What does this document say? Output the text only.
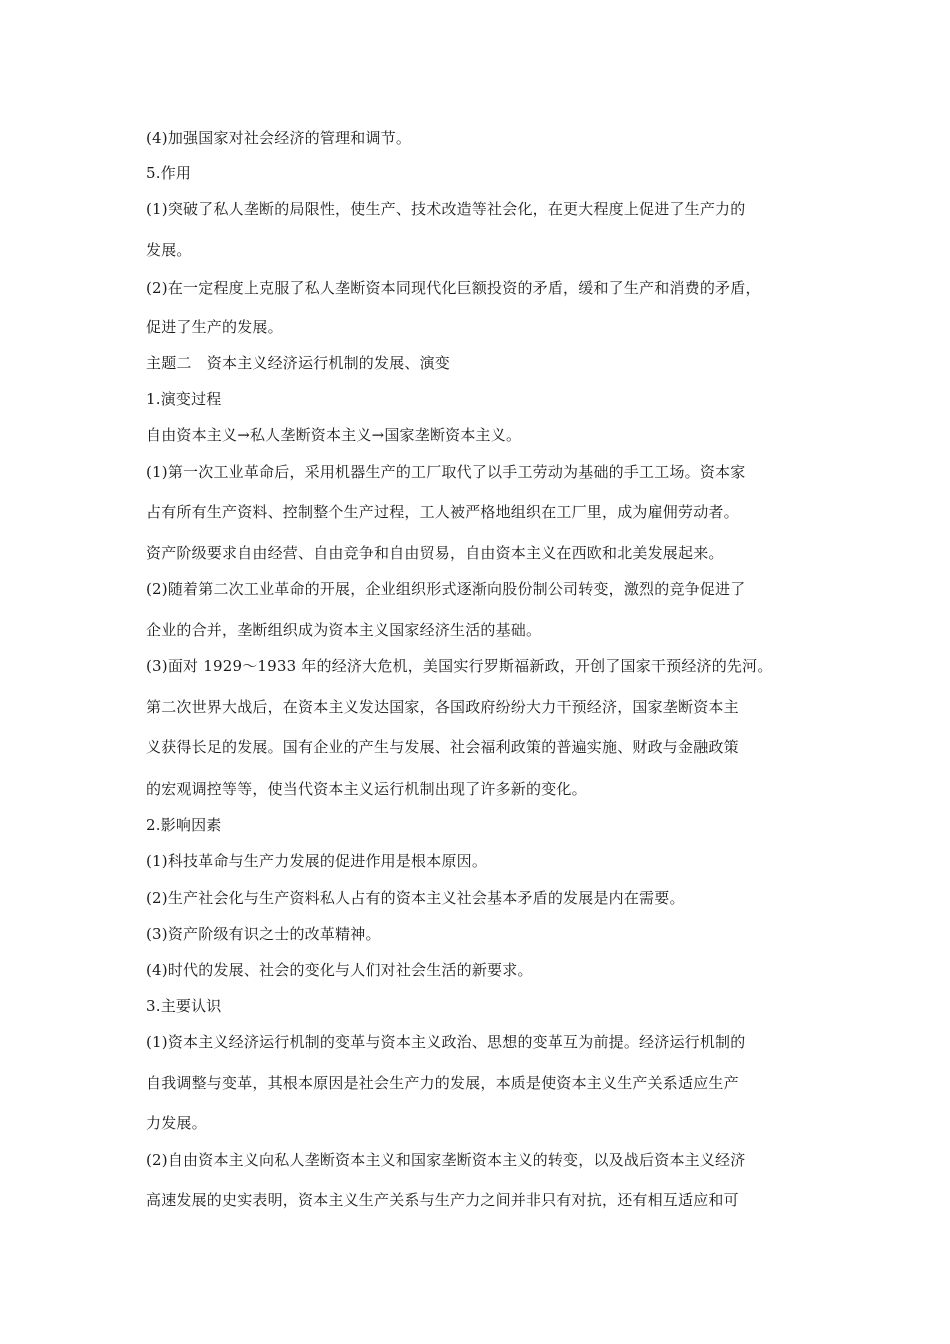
(4)加强国家对社会经济的管理和调节。
5.作用
(1)突破了私人垄断的局限性，使生产、技术改造等社会化，在更大程度上促进了生产力的
发展。
(2)在一定程度上克服了私人垄断资本同现代化巨额投资的矛盾，缓和了生产和消费的矛盾，
促进了生产的发展。
主题二　资本主义经济运行机制的发展、演变
1.演变过程
自由资本主义→私人垄断资本主义→国家垄断资本主义。
(1)第一次工业革命后，采用机器生产的工厂取代了以手工劳动为基础的手工工场。资本家
占有所有生产资料、控制整个生产过程，工人被严格地组织在工厂里，成为雇佣劳动者。
资产阶级要求自由经营、自由竞争和自由贸易，自由资本主义在西欧和北美发展起来。
(2)随着第二次工业革命的开展，企业组织形式逐渐向股份制公司转变，激烈的竞争促进了
企业的合并，垄断组织成为资本主义国家经济生活的基础。
(3)面对 1929～1933 年的经济大危机，美国实行罗斯福新政，开创了国家干预经济的先河。
第二次世界大战后，在资本主义发达国家，各国政府纷纷大力干预经济，国家垄断资本主
义获得长足的发展。国有企业的产生与发展、社会福利政策的普遍实施、财政与金融政策
的宏观调控等等，使当代资本主义运行机制出现了许多新的变化。
2.影响因素
(1)科技革命与生产力发展的促进作用是根本原因。
(2)生产社会化与生产资料私人占有的资本主义社会基本矛盾的发展是内在需要。
(3)资产阶级有识之士的改革精神。
(4)时代的发展、社会的变化与人们对社会生活的新要求。
3.主要认识
(1)资本主义经济运行机制的变革与资本主义政治、思想的变革互为前提。经济运行机制的
自我调整与变革，其根本原因是社会生产力的发展，本质是使资本主义生产关系适应生产
力发展。
(2)自由资本主义向私人垄断资本主义和国家垄断资本主义的转变，以及战后资本主义经济
高速发展的史实表明，资本主义生产关系与生产力之间并非只有对抗，还有相互适应和可
